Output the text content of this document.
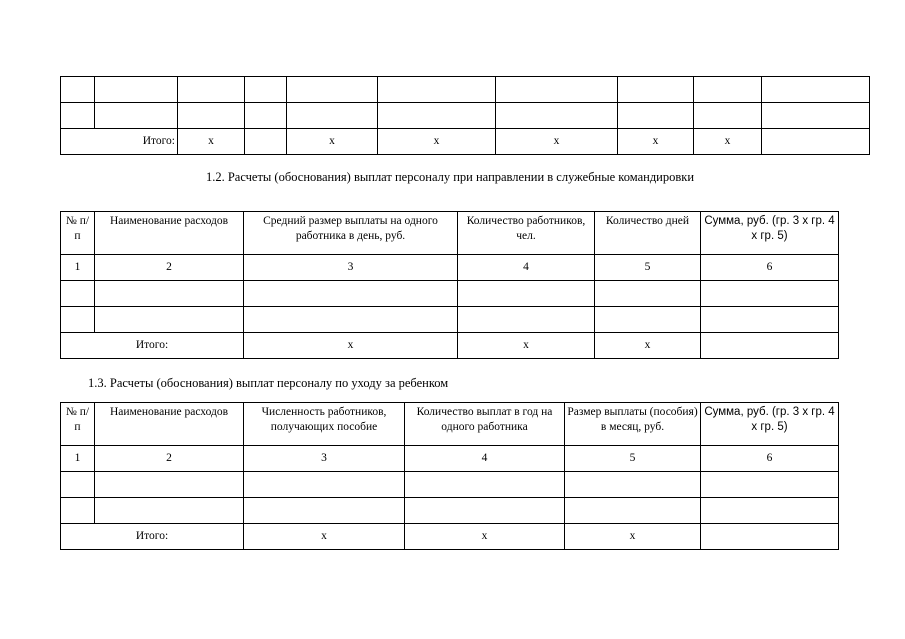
Итого:		x		x	x	x	x	x	
1.2. Расчеты (обоснования) выплат персоналу при направлении в служебные командировки
№ п/п	Наименование расходов	Средний размер выплаты на одного работника в день, руб.	Количество работников, чел.	Количество дней	Сумма, руб. (гр. 3 x гр. 4 x гр. 5)
1	2	3	4	5	6

Итого:		x	x	x	
1.3. Расчеты (обоснования) выплат персоналу по уходу за ребенком
№ п/п	Наименование расходов	Численность работников, получающих пособие	Количество выплат в год на одного работника	Размер выплаты (пособия) в месяц, руб.	Сумма, руб. (гр. 3 x гр. 4 x гр. 5)
1	2	3	4	5	6

Итого:		x	x	x	
